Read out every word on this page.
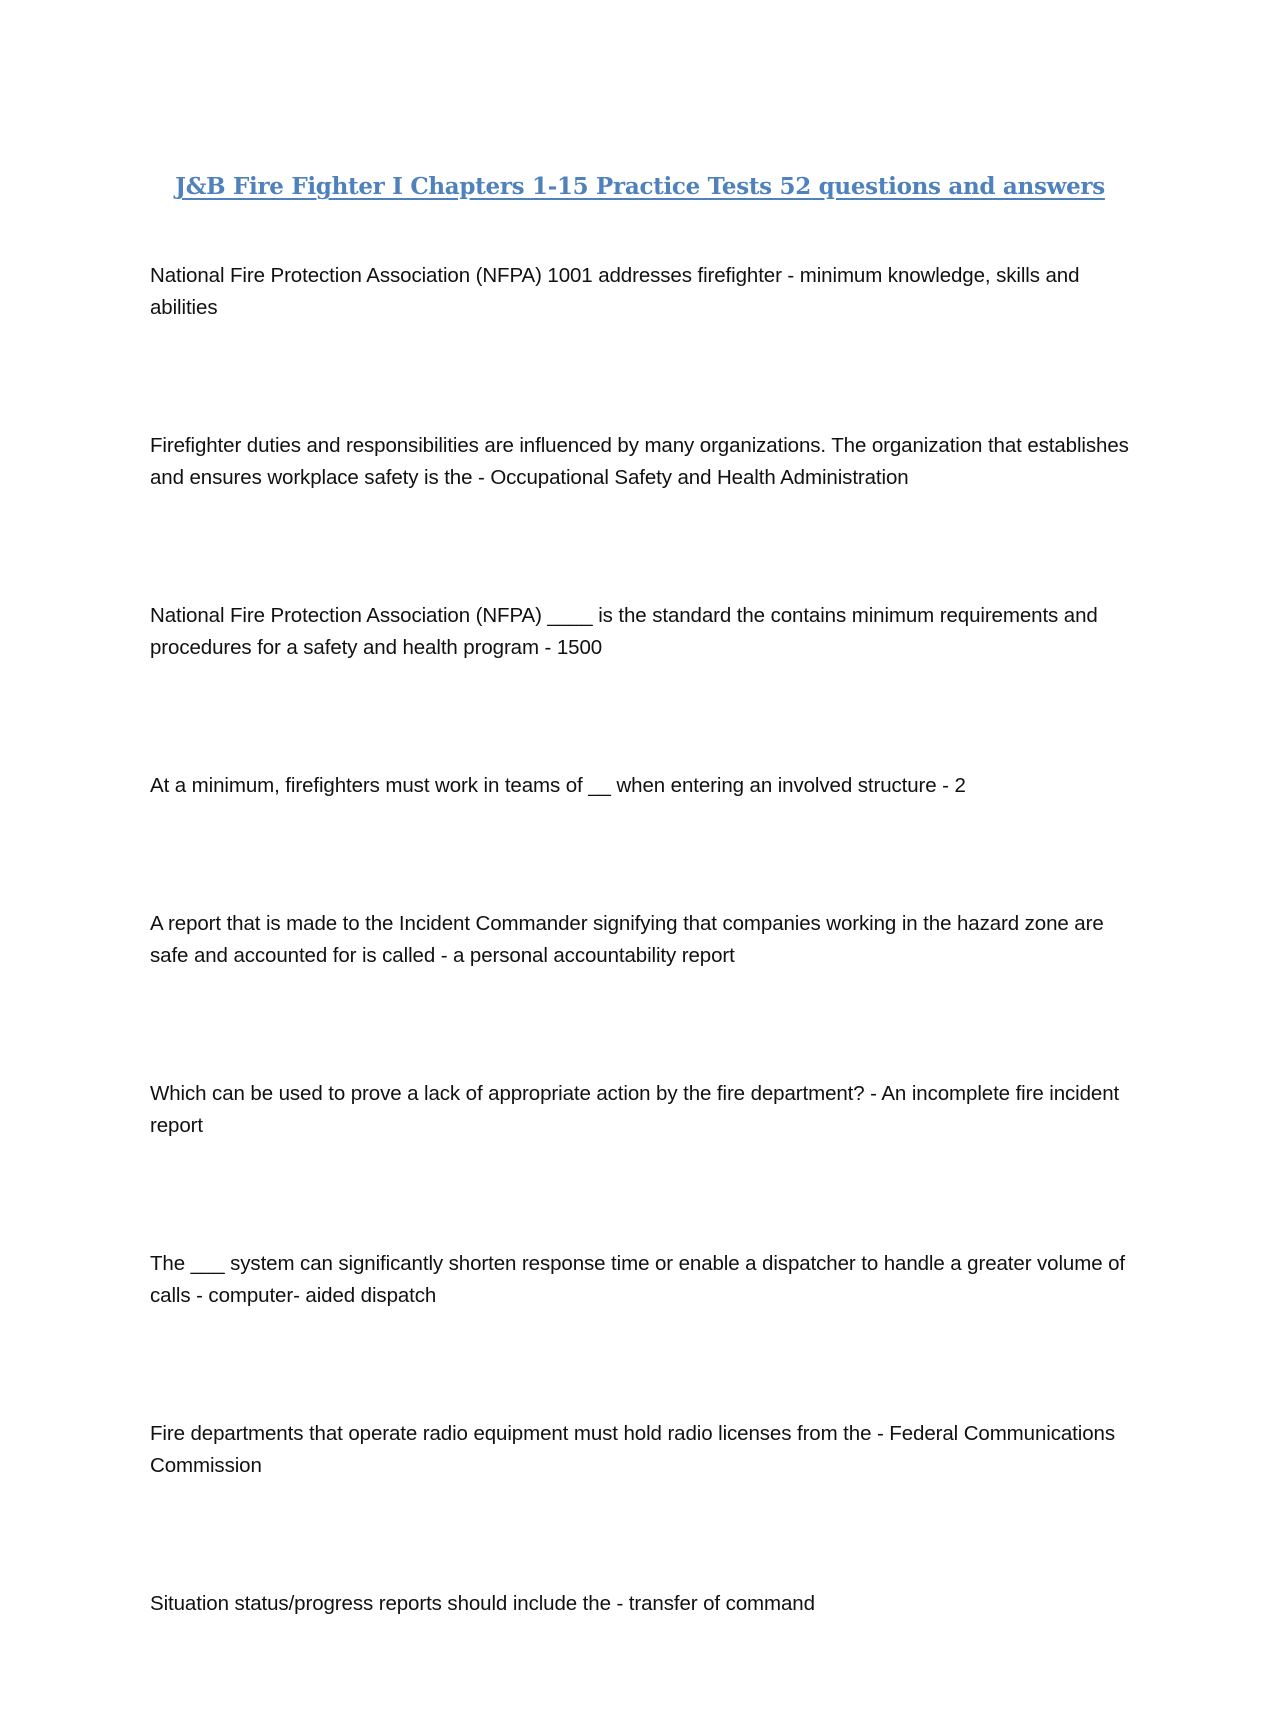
J&B Fire Fighter I Chapters 1-15 Practice Tests 52 questions and answers
National Fire Protection Association (NFPA) 1001 addresses firefighter - minimum knowledge, skills and abilities
Firefighter duties and responsibilities are influenced by many organizations. The organization that establishes and ensures workplace safety is the - Occupational Safety and Health Administration
National Fire Protection Association (NFPA) ____ is the standard the contains minimum requirements and procedures for a safety and health program - 1500
At a minimum, firefighters must work in teams of __ when entering an involved structure - 2
A report that is made to the Incident Commander signifying that companies working in the hazard zone are safe and accounted for is called - a personal accountability report
Which can be used to prove a lack of appropriate action by the fire department? - An incomplete fire incident report
The ___ system can significantly shorten response time or enable a dispatcher to handle a greater volume of calls - computer- aided dispatch
Fire departments that operate radio equipment must hold radio licenses from the - Federal Communications Commission
Situation status/progress reports should include the - transfer of command
